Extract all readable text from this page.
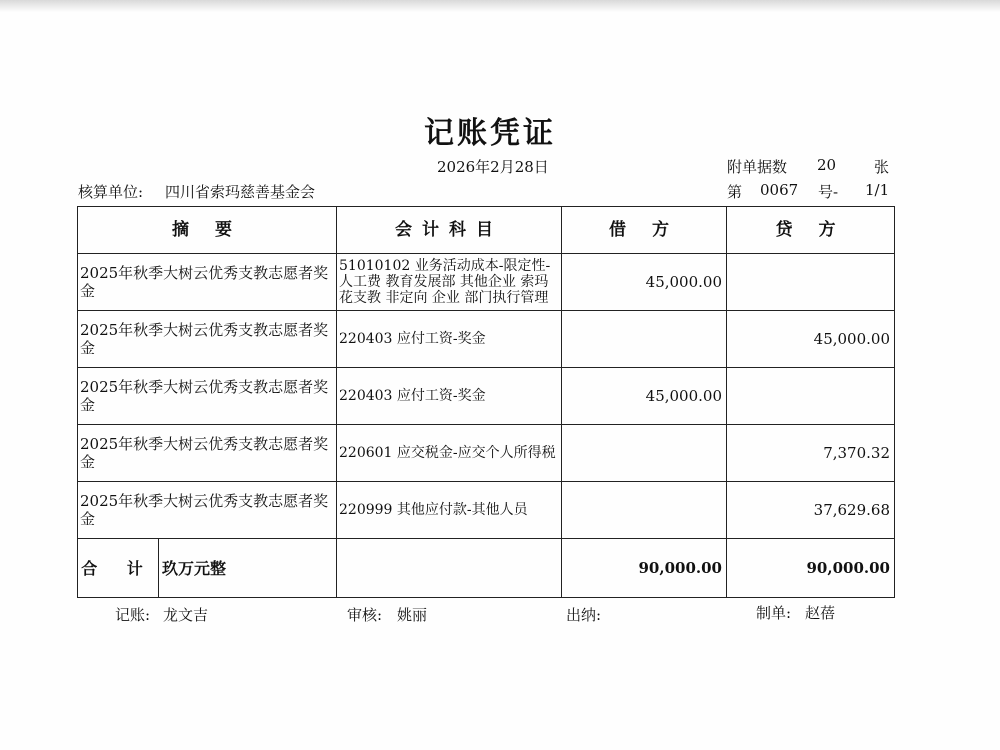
记账凭证
2026年2月28日	附单据数 20	张
核算单位: 四川省索玛慈善基金会	第 0067 号- 1/1
摘 要	会计科目	借 方	贷 方
2025年秋季大树云优秀支教志愿者奖金	51010102 业务活动成本-限定性-人工费 教育发展部 其他企业 索玛花支教 非定向 企业 部门执行管理	45,000.00	
2025年秋季大树云优秀支教志愿者奖金	220403 应付工资-奖金		45,000.00
2025年秋季大树云优秀支教志愿者奖金	220403 应付工资-奖金	45,000.00	
2025年秋季大树云优秀支教志愿者奖金	220601 应交税金-应交个人所得税		7,370.32
2025年秋季大树云优秀支教志愿者奖金	220999 其他应付款-其他人员		37,629.68

合 计 玖万元整		90,000.00	90,000.00
记账: 龙文吉	审核: 姚丽	出纳:	制单: 赵蓓
